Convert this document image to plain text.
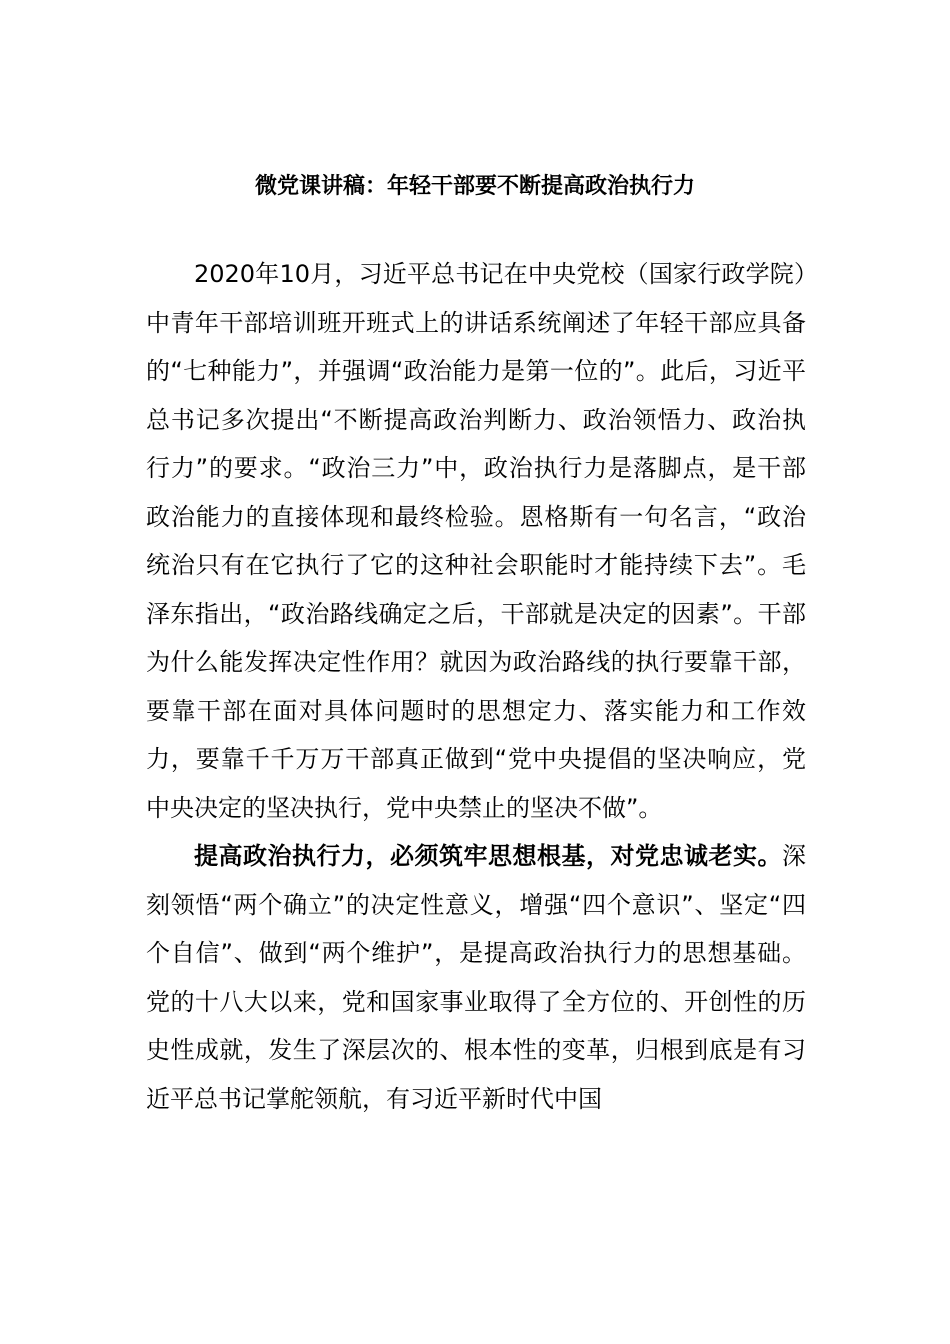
微党课讲稿：年轻干部要不断提高政治执行力

2020年10月，习近平总书记在中央党校（国家行政学院）中青年干部培训班开班式上的讲话系统阐述了年轻干部应具备的“七种能力”，并强调“政治能力是第一位的”。此后，习近平总书记多次提出“不断提高政治判断力、政治领悟力、政治执行力”的要求。“政治三力”中，政治执行力是落脚点，是干部政治能力的直接体现和最终检验。恩格斯有一句名言，“政治统治只有在它执行了它的这种社会职能时才能持续下去”。毛泽东指出，“政治路线确定之后，干部就是决定的因素”。干部为什么能发挥决定性作用？就因为政治路线的执行要靠干部，要靠干部在面对具体问题时的思想定力、落实能力和工作效力，要靠千千万万干部真正做到“党中央提倡的坚决响应，党中央决定的坚决执行，党中央禁止的坚决不做”。

提高政治执行力，必须筑牢思想根基，对党忠诚老实。深刻领悟“两个确立”的决定性意义，增强“四个意识”、坚定“四个自信”、做到“两个维护”，是提高政治执行力的思想基础。党的十八大以来，党和国家事业取得了全方位的、开创性的历史性成就，发生了深层次的、根本性的变革，归根到底是有习近平总书记掌舵领航，有习近平新时代中国
